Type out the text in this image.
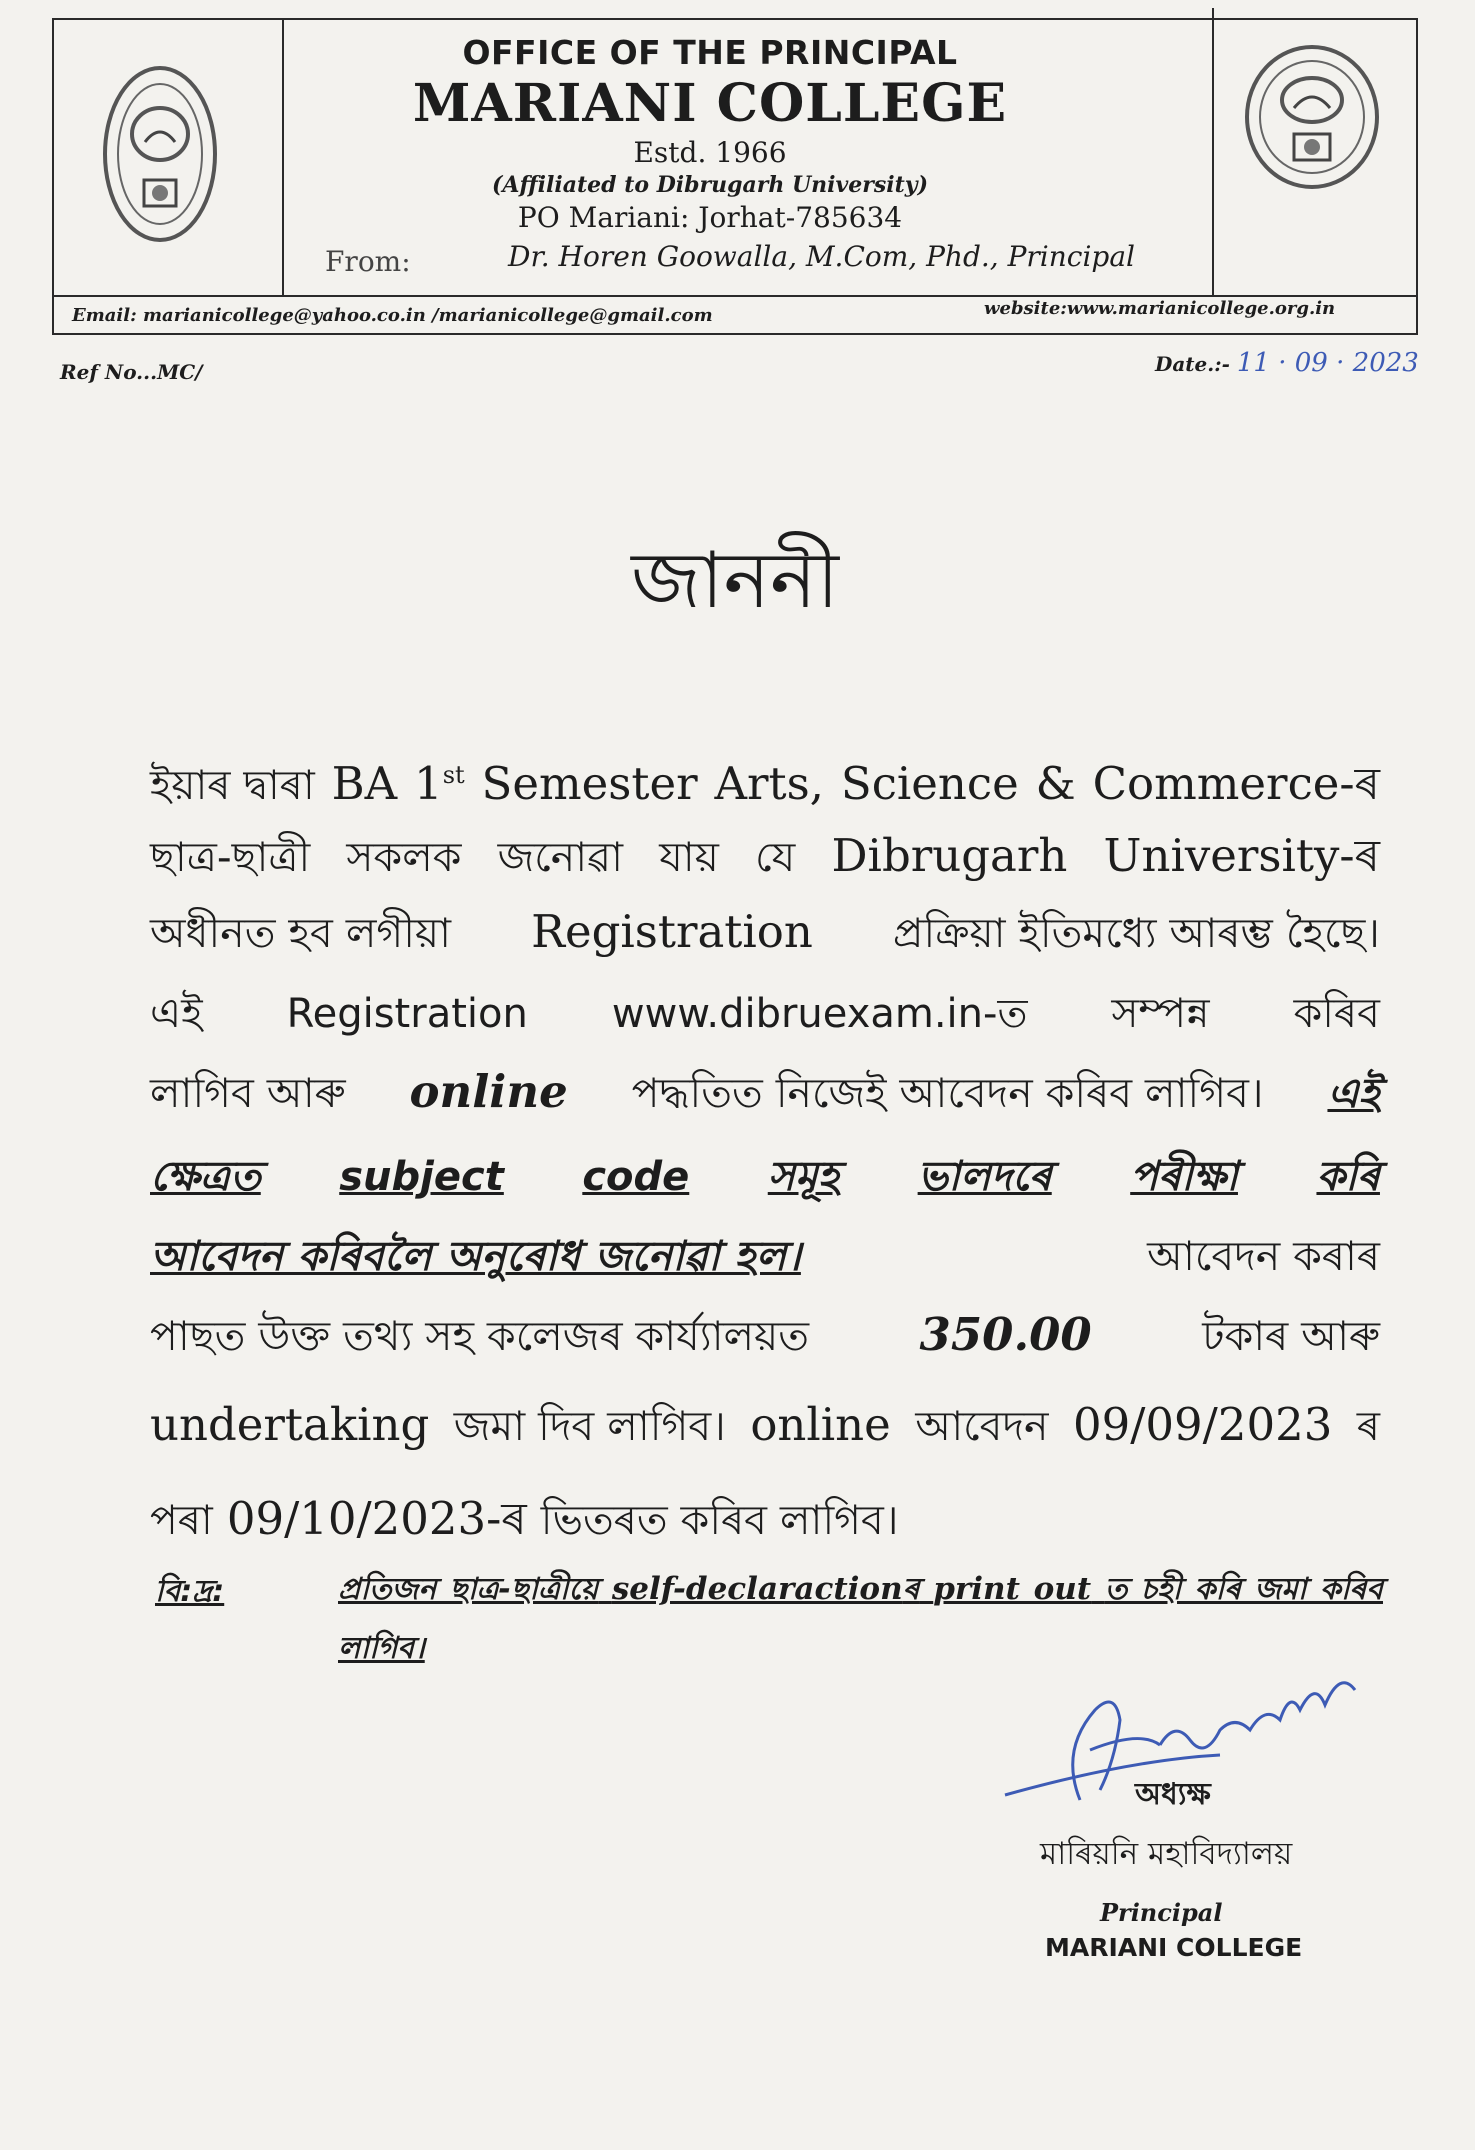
OFFICE OF THE PRINCIPAL
MARIANI COLLEGE
Estd. 1966
(Affiliated to Dibrugarh University)
PO Mariani: Jorhat-785634
From:	Dr. Horen Goowalla, M.Com, Phd., Principal
Email: marianicollege@yahoo.co.in /marianicollege@gmail.com	website:www.marianicollege.org.in
Ref No...MC/	Date.:- 11 · 09 · 2023
জাননী
ইয়াৰ দ্বাৰা BA 1st Semester Arts, Science & Commerce-ৰ
ছাত্ৰ-ছাত্ৰী সকলক জনোৱা যায় যে Dibrugarh University-ৰ
অধীনত হব লগীয়া Registration প্ৰক্ৰিয়া ইতিমধ্যে আৰম্ভ হৈছে।
এই Registration www.dibruexam.in-ত সম্পন্ন কৰিব
লাগিব আৰু online পদ্ধতিত নিজেই আবেদন কৰিব লাগিব। এই
ক্ষেত্ৰত subject code সমূহ ভালদৰে পৰীক্ষা কৰি
আবেদন কৰিবলৈ অনুৰোধ জনোৱা হল।	আবেদন কৰাৰ
পাছত উক্ত তথ্য সহ কলেজৰ কাৰ্য্যালয়ত 350.00	টকাৰ আৰু
undertaking জমা দিব লাগিব। online আবেদন 09/09/2023 ৰ
পৰা 09/10/2023-ৰ ভিতৰত কৰিব লাগিব।
বি:দ্ৰ:	প্ৰতিজন ছাত্ৰ-ছাত্ৰীয়ে self-declaractionৰ print out ত চহী কৰি জমা কৰিব লাগিব।
অধ্যক্ষ
মাৰিয়নি মহাবিদ্যালয়
Principal
MARIANI COLLEGE
